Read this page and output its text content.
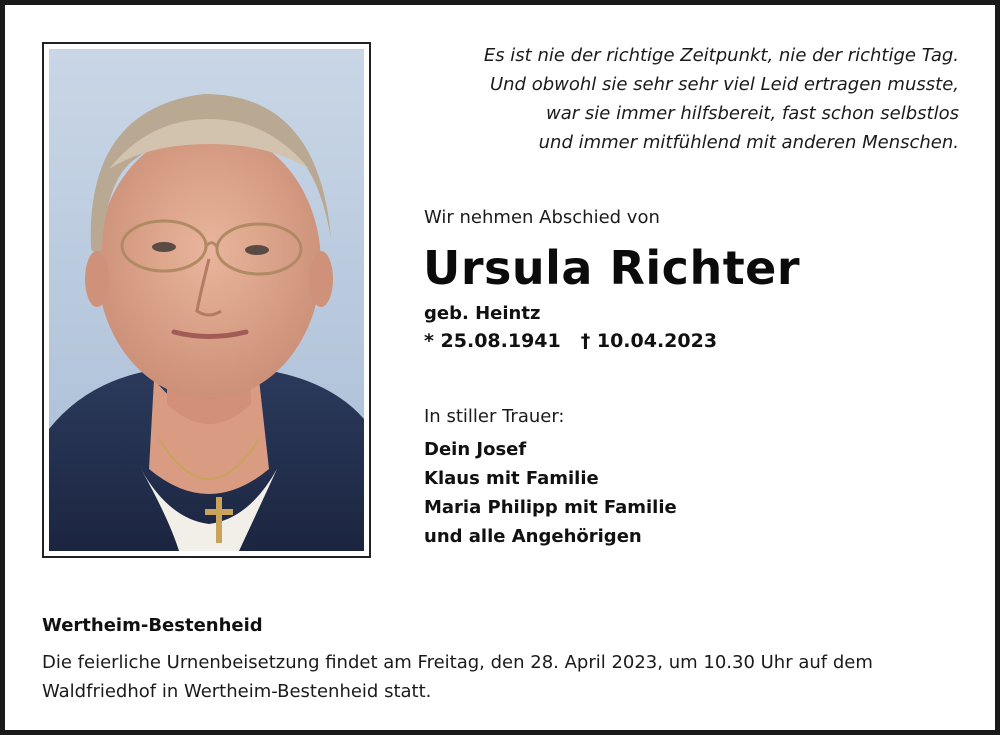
Es ist nie der richtige Zeitpunkt, nie der richtige Tag.
Und obwohl sie sehr sehr viel Leid ertragen musste,
war sie immer hilfsbereit, fast schon selbstlos
und immer mitfühlend mit anderen Menschen.
Wir nehmen Abschied von
Ursula Richter
geb. Heintz
* 25.08.1941 † 10.04.2023
In stiller Trauer:
Dein Josef
Klaus mit Familie
Maria Philipp mit Familie
und alle Angehörigen
Wertheim-Bestenheid
Die feierliche Urnenbeisetzung findet am Freitag, den 28. April 2023, um 10.30 Uhr auf dem Waldfriedhof in Wertheim-Bestenheid statt.
